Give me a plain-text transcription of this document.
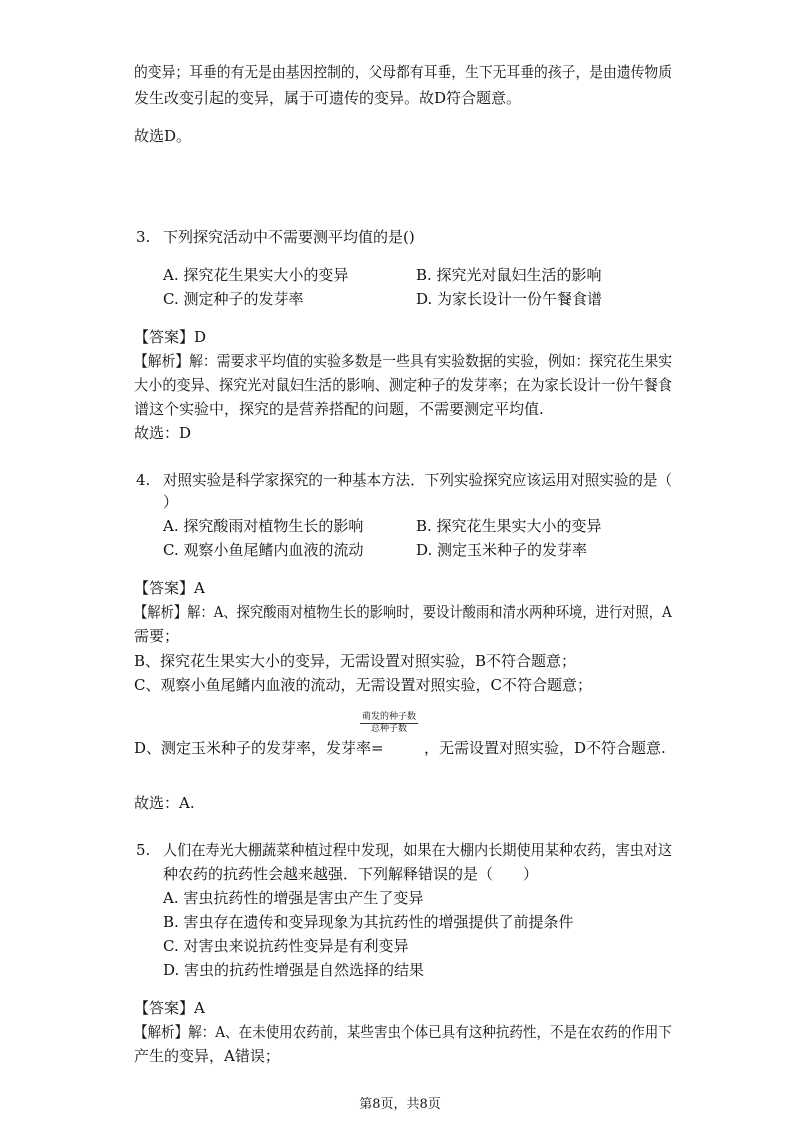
的变异；耳垂的有无是由基因控制的，父母都有耳垂，生下无耳垂的孩子，是由遗传物质
发生改变引起的变异，属于可遗传的变异。故D符合题意。
故选D。
3. 下列探究活动中不需要测平均值的是()
A. 探究花生果实大小的变异	B. 探究光对鼠妇生活的影响
C. 测定种子的发芽率	D. 为家长设计一份午餐食谱
【答案】D
【解析】解：需要求平均值的实验多数是一些具有实验数据的实验，例如：探究花生果实
大小的变异、探究光对鼠妇生活的影响、测定种子的发芽率；在为家长设计一份午餐食
谱这个实验中，探究的是营养搭配的问题，不需要测定平均值.
故选：D
4. 对照实验是科学家探究的一种基本方法．下列实验探究应该运用对照实验的是（
）
A. 探究酸雨对植物生长的影响	B. 探究花生果实大小的变异
C. 观察小鱼尾鳍内血液的流动	D. 测定玉米种子的发芽率
【答案】A
【解析】解：A、探究酸雨对植物生长的影响时，要设计酸雨和清水两种环境，进行对照，A
需要；
B、探究花生果实大小的变异，无需设置对照实验，B不符合题意；
C、观察小鱼尾鳍内血液的流动，无需设置对照实验，C不符合题意；
萌发的种子数
总种子数
D、测定玉米种子的发芽率，发芽率=	，无需设置对照实验，D不符合题意.
故选：A.
5. 人们在寿光大棚蔬菜种植过程中发现，如果在大棚内长期使用某种农药，害虫对这
种农药的抗药性会越来越强．下列解释错误的是（　　）
A. 害虫抗药性的增强是害虫产生了变异
B. 害虫存在遗传和变异现象为其抗药性的增强提供了前提条件
C. 对害虫来说抗药性变异是有利变异
D. 害虫的抗药性增强是自然选择的结果
【答案】A
【解析】解：A、在未使用农药前，某些害虫个体已具有这种抗药性，不是在农药的作用下
产生的变异，A错误；
第8页，共8页
